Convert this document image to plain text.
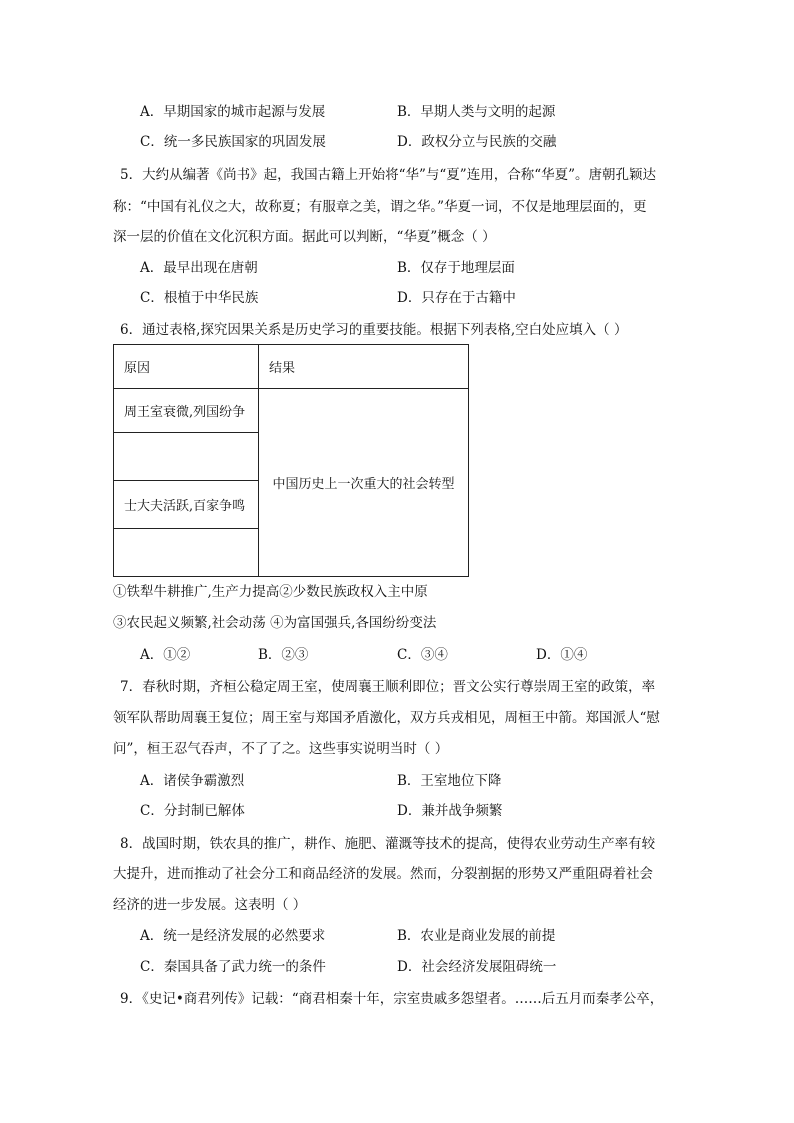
A．早期国家的城市起源与发展	B．早期人类与文明的起源
C．统一多民族国家的巩固发展	D．政权分立与民族的交融
5．大约从编著《尚书》起，我国古籍上开始将“华”与“夏”连用，合称“华夏”。唐朝孔颖达
称：“中国有礼仪之大，故称夏；有服章之美，谓之华。”华夏一词，不仅是地理层面的，更
深一层的价值在文化沉积方面。据此可以判断，“华夏”概念（ ）
A．最早出现在唐朝	B．仅存于地理层面
C．根植于中华民族	D．只存在于古籍中
6．通过表格,探究因果关系是历史学习的重要技能。根据下列表格,空白处应填入（ ）
原因	结果
周王室衰微,列国纷争	中国历史上一次重大的社会转型

士大夫活跃,百家争鸣	

①铁犁牛耕推广,生产力提高②少数民族政权入主中原
③农民起义频繁,社会动荡 ④为富国强兵,各国纷纷变法
A．①②	B．②③	C．③④	D．①④
7．春秋时期，齐桓公稳定周王室，使周襄王顺利即位；晋文公实行尊崇周王室的政策，率
领军队帮助周襄王复位；周王室与郑国矛盾激化，双方兵戎相见，周桓王中箭。郑国派人“慰
问”，桓王忍气吞声，不了了之。这些事实说明当时（ ）
A．诸侯争霸激烈	B．王室地位下降
C．分封制已解体	D．兼并战争频繁
8．战国时期，铁农具的推广，耕作、施肥、灌溉等技术的提高，使得农业劳动生产率有较
大提升，进而推动了社会分工和商品经济的发展。然而，分裂割据的形势又严重阻碍着社会
经济的进一步发展。这表明（ ）
A．统一是经济发展的必然要求	B．农业是商业发展的前提
C．秦国具备了武力统一的条件	D．社会经济发展阻碍统一
9．《史记•商君列传》记载：“商君相秦十年，宗室贵戚多怨望者。……后五月而秦孝公卒，
